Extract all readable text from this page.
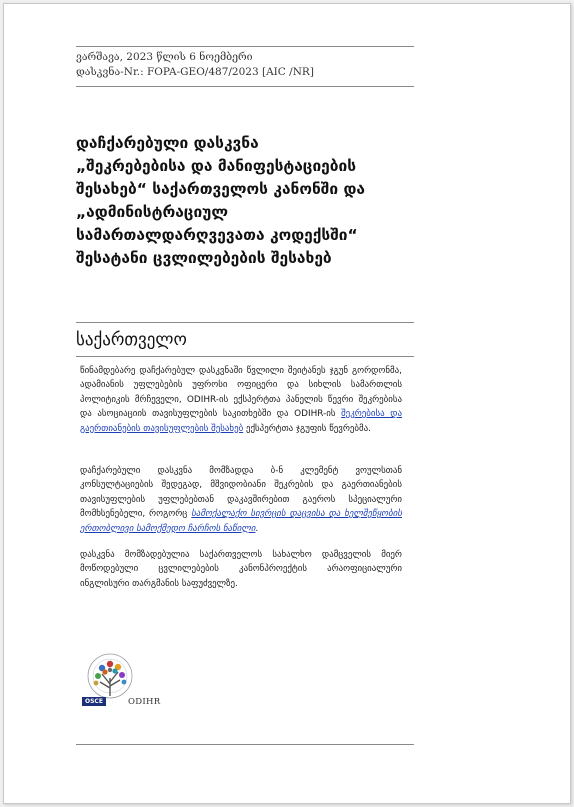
ვარშავა, 2023 წლის 6 ნოემბერი
დასკვნა-Nr.: FOPA-GEO/487/2023 [AIC /NR]
დაჩქარებული დასკვნა
„შეკრებებისა და მანიფესტაციების
შესახებ“ საქართველოს კანონში და
„ადმინისტრაციულ
სამართალდარღვევათა კოდექსში“
შესატანი ცვლილებების შესახებ
საქართველო

წინამდებარე დაჩქარებულ დასკვნაში წვლილი შეიტანეს ჯგუნ გორდონმა, ადამიანის უფლებების უფროსი ოფიცერი და სიხლის სამართლის პოლიტიკის მრჩეველი, ODIHR-ის ექსპერტთა პანელის წევრი შეკრებისა და ასოციაციის თავისუფლების საკითხებში და ODIHR-ის შეკრებისა და გაერთიანების თავისუფლების შესახებ ექსპერტთა ჯგუფის წევრებმა.

დაჩქარებული დასკვნა მომზადდა ბ-ნ კლემენტ ვოულსთან კონსულტაციების შედეგად, მშვიდობიანი შეკრების და გაერთიანების თავისუფლების უფლებებთან დაკავშირებით გაეროს სპეციალური მომხსენებელი, როგორც სამოქალაქო სივრცის დაცვისა და ხელშეწყობის ერთობლივი სამოქმედო ჩარჩოს ნაწილი.

დასკვნა მომზადებულია საქართველოს სახალხო დამცველის მიერ მოწოდებული ცვლილებების კანონპროექტის არაოფიციალური ინგლისური თარგმანის საფუძველზე.

OSCE	ODIHR
